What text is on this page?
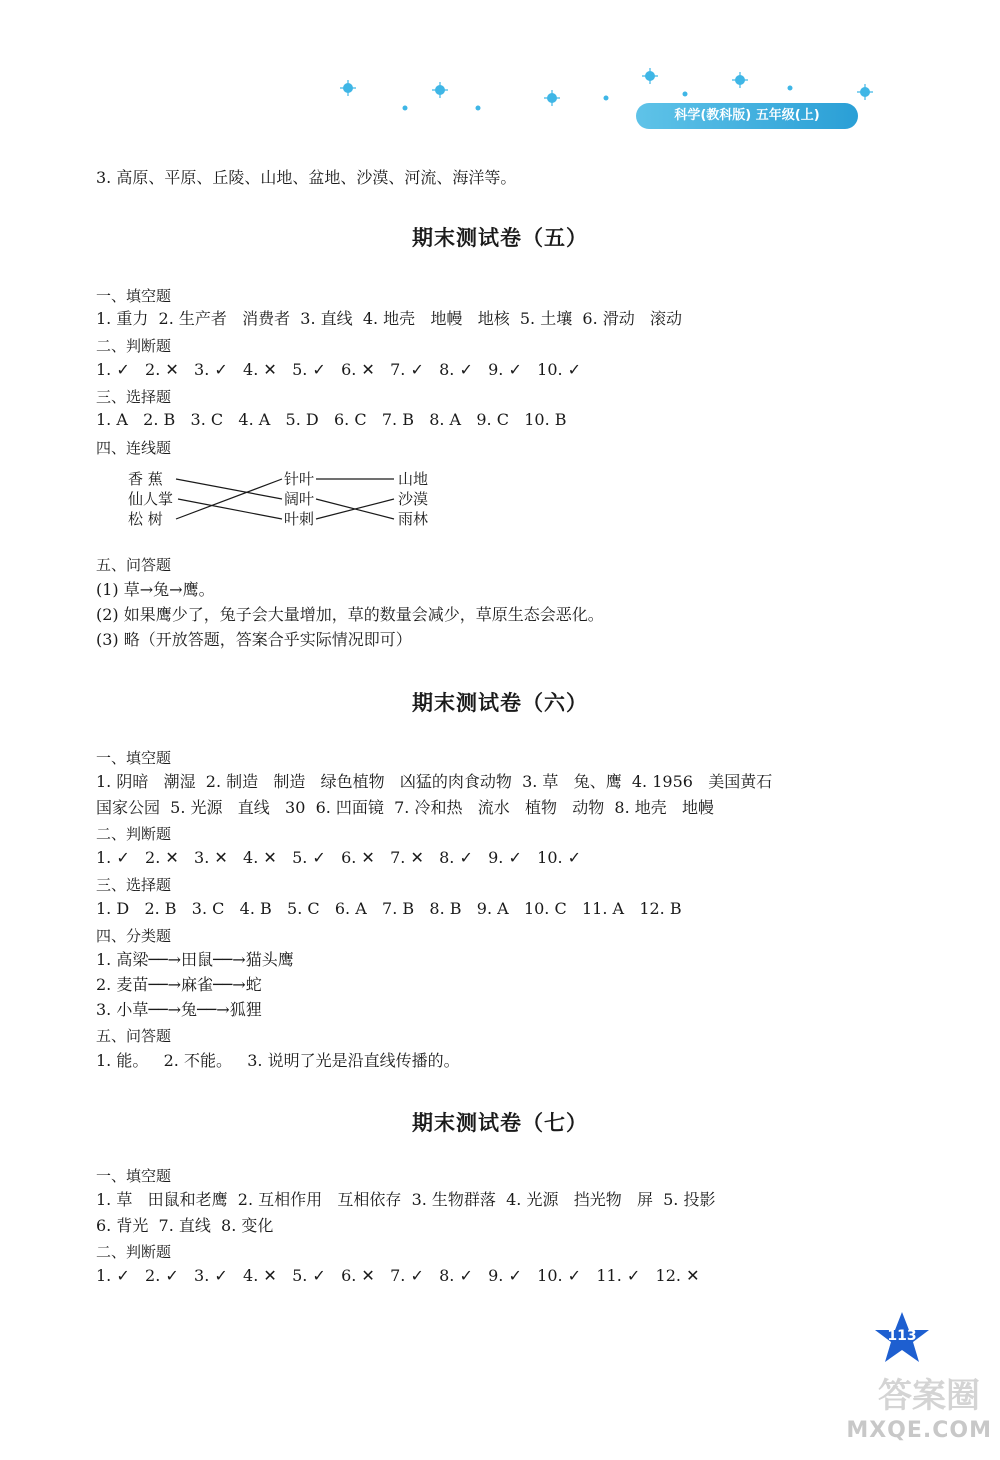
科学(教科版) 五年级(上)
3. 高原、平原、丘陵、山地、盆地、沙漠、河流、海洋等。
期末测试卷（五）
一、填空题
1. 重力  2. 生产者   消费者  3. 直线  4. 地壳   地幔   地核  5. 土壤  6. 滑动   滚动
二、判断题
1. ✓   2. ✕   3. ✓   4. ✕   5. ✓   6. ✕   7. ✓   8. ✓   9. ✓   10. ✓
三、选择题
1. A   2. B   3. C   4. A   5. D   6. C   7. B   8. A   9. C   10. B
四、连线题
香 蕉
仙人掌
松 树
针叶
阔叶
叶刺
山地
沙漠
雨林
五、问答题
(1) 草→兔→鹰。
(2) 如果鹰少了，兔子会大量增加，草的数量会减少，草原生态会恶化。
(3) 略（开放答题，答案合乎实际情况即可）
期末测试卷（六）
一、填空题
1. 阴暗   潮湿  2. 制造   制造   绿色植物   凶猛的肉食动物  3. 草   兔、鹰  4. 1956   美国黄石
国家公园  5. 光源   直线   30  6. 凹面镜  7. 冷和热   流水   植物   动物  8. 地壳   地幔
二、判断题
1. ✓   2. ✕   3. ✕   4. ✕   5. ✓   6. ✕   7. ✕   8. ✓   9. ✓   10. ✓
三、选择题
1. D   2. B   3. C   4. B   5. C   6. A   7. B   8. B   9. A   10. C   11. A   12. B
四、分类题
1. 高梁──→田鼠──→猫头鹰
2. 麦苗──→麻雀──→蛇
3. 小草──→兔──→狐狸
五、问答题
1. 能。   2. 不能。   3. 说明了光是沿直线传播的。
期末测试卷（七）
一、填空题
1. 草   田鼠和老鹰  2. 互相作用   互相依存  3. 生物群落  4. 光源   挡光物   屏  5. 投影
6. 背光  7. 直线  8. 变化
二、判断题
1. ✓   2. ✓   3. ✓   4. ✕   5. ✓   6. ✕   7. ✓   8. ✓   9. ✓   10. ✓   11. ✓   12. ✕
113
答案圈
MXQE.COM
